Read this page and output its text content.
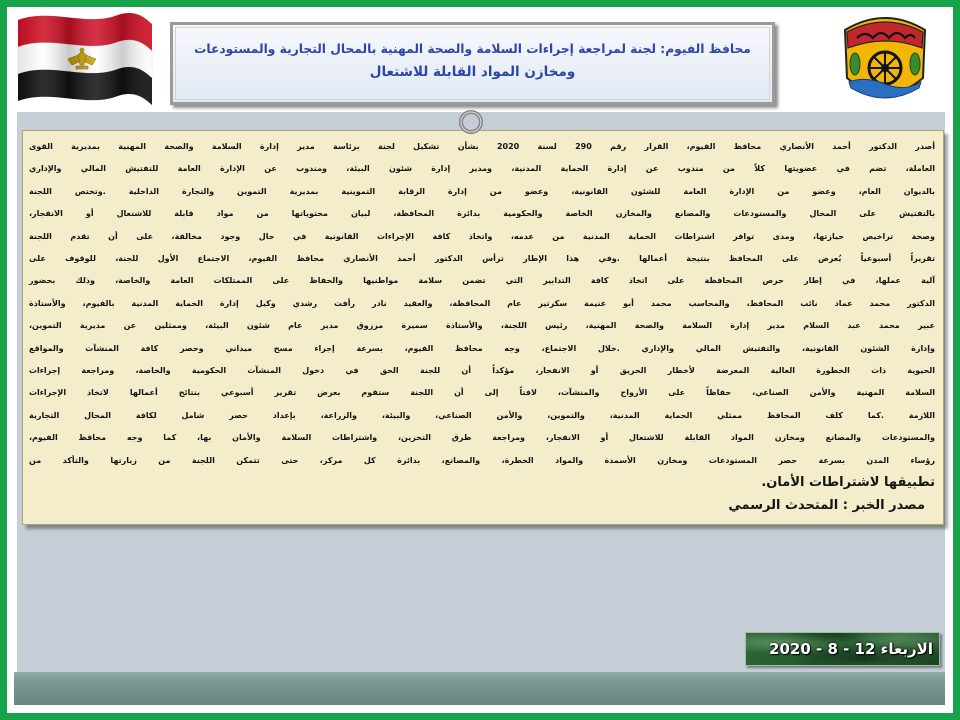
محافظ الفيوم: لجنة لمراجعة إجراءات السلامة والصحة المهنية بالمحال التجارية والمستودعات
ومخازن المواد القابلة للاشتعال
أصدر الدكتور أحمد الأنصاري محافظ الفيوم، القرار رقم 290 لسنة 2020 بشأن تشكيل لجنة برئاسة مدير إدارة السلامة والصحة المهنية بمديرية القوى
العاملة، تضم في عضويتها كلاً من مندوب عن إدارة الحماية المدنية، ومدير إدارة شئون البيئة، ومندوب عن الإدارة العامة للتفتيش المالي والإداري
بالديوان العام، وعضو من الإدارة العامة للشئون القانونية، وعضو من إدارة الرقابة التموينية بمديرية التموين والتجارة الداخلية .وتختص اللجنة
بالتفتيش على المحال والمستودعات والمصانع والمخازن الخاصة والحكومية بدائرة المحافظة، لبيان محتوياتها من مواد قابلة للاشتعال أو الانفجار،
وصحة تراخيص حيازتها، ومدى توافر اشتراطات الحماية المدنية من عدمه، واتخاذ كافة الإجراءات القانونية في حال وجود مخالفة، على أن تقدم اللجنة
تقريراً أسبوعياً يُعرض على المحافظ بنتيجة أعمالها .وفي هذا الإطار ترأس الدكتور أحمد الأنصاري محافظ الفيوم، الاجتماع الأول للجنة، للوقوف على
آلية عملها، في إطار حرص المحافظة على اتخاذ كافة التدابير التي تضمن سلامة مواطنيها والحفاظ على الممتلكات العامة والخاصة، وذلك بحضور
الدكتور محمد عماد نائب المحافظ، والمحاسب محمد أبو غنيمة سكرتير عام المحافظة، والعقيد نادر رأفت رشدي وكيل إدارة الحماية المدنية بالفيوم، والأستاذة
عبير محمد عبد السلام مدير إدارة السلامة والصحة المهنية، رئيس اللجنة، والأستاذة سميرة مرزوق مدير عام شئون البيئة، وممثلين عن مديرية التموين،
وإدارة الشئون القانونية، والتفتيش المالي والإداري .خلال الاجتماع، وجه محافظ الفيوم، بسرعة إجراء مسح ميداني وحصر كافة المنشآت والمواقع
الحيوية ذات الخطورة العالية المعرضة لأخطار الحريق أو الانفجار، مؤكداً أن للجنة الحق في دخول المنشآت الحكومية والخاصة، ومراجعة إجراءات
السلامة المهنية والأمن الصناعي، حفاظاً على الأرواح والمنشآت، لافتاً إلى أن اللجنة ستقوم بعرض تقرير أسبوعي بنتائج أعمالها لاتخاذ الإجراءات
اللازمة .كما كلف المحافظ ممثلي الحماية المدنية، والتموين، والأمن الصناعي، والبيئة، والزراعة، بإعداد حصر شامل لكافة المحال التجارية
والمستودعات والمصانع ومخازن المواد القابلة للاشتعال أو الانفجار، ومراجعة طرق التخزين، واشتراطات السلامة والأمان بها، كما وجه محافظ الفيوم،
رؤساء المدن بسرعة حصر المستودعات ومخازن الأسمدة والمواد الخطرة، والمصانع، بدائرة كل مركز، حتى تتمكن اللجنة من زيارتها والتأكد من
تطبيقها لاشتراطات الأمان.
مصدر الخبر : المتحدث الرسمي
الاربعاء 12 - 8 - 2020
